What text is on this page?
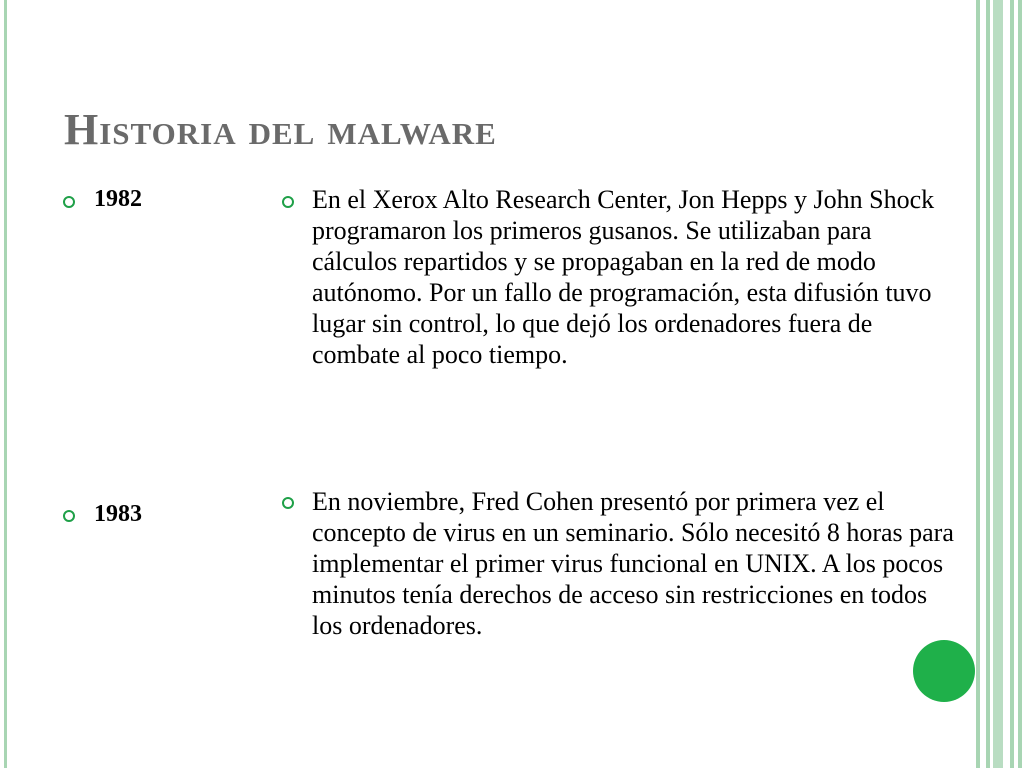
Historia del malware
1982	En el Xerox Alto Research Center, Jon Hepps y John Shock programaron los primeros gusanos. Se utilizaban para cálculos repartidos y se propagaban en la red de modo autónomo. Por un fallo de programación, esta difusión tuvo lugar sin control, lo que dejó los ordenadores fuera de combate al poco tiempo.
1983	En noviembre, Fred Cohen presentó por primera vez el concepto de virus en un seminario. Sólo necesitó 8 horas para implementar el primer virus funcional en UNIX. A los pocos minutos tenía derechos de acceso sin restricciones en todos los ordenadores.
